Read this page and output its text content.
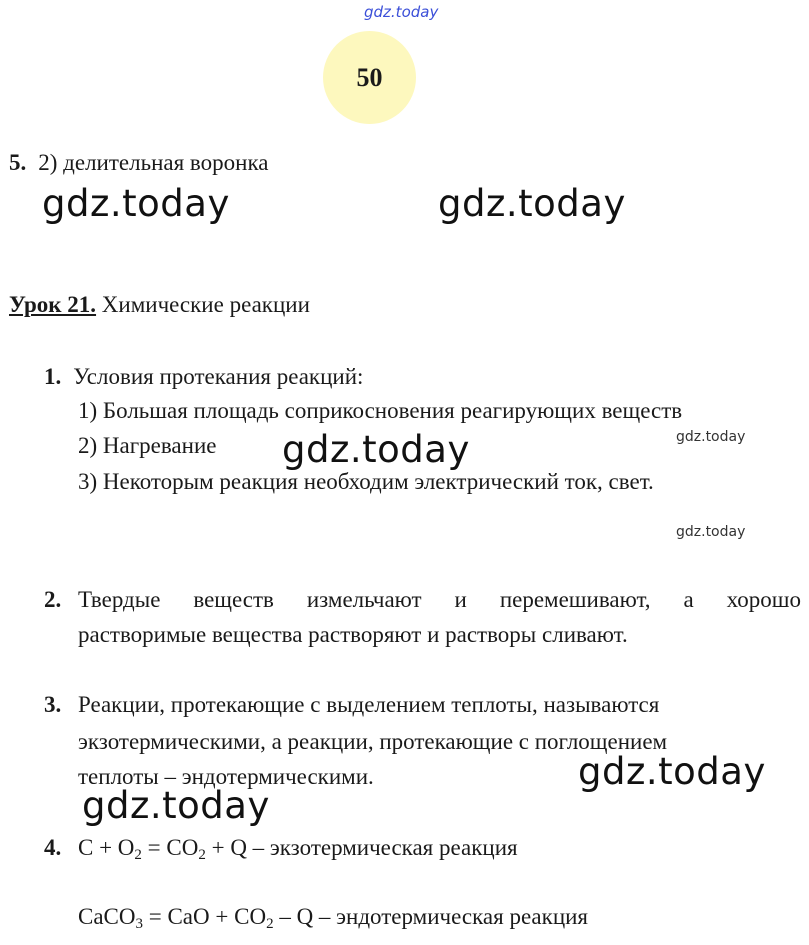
gdz.today
50
5. 2) делительная воронка
gdz.today	gdz.today
Урок 21. Химические реакции
1. Условия протекания реакций:
1) Большая площадь соприкосновения реагирующих веществ
2) Нагревание gdz.today	gdz.today
3) Некоторым реакция необходим электрический ток, свет.
gdz.today
2. Твердые веществ измельчают и перемешивают, а хорошо
растворимые вещества растворяют и растворы сливают.
3. Реакции, протекающие с выделением теплоты, называются
экзотермическими, а реакции, протекающие с поглощением
теплоты – эндотермическими.	gdz.today
gdz.today
4. $C + O_2 = CO_2 + Q$ – экзотермическая реакция
CaCO$_3$ = CaO + $CO_2$ – Q – эндотермическая реакция
